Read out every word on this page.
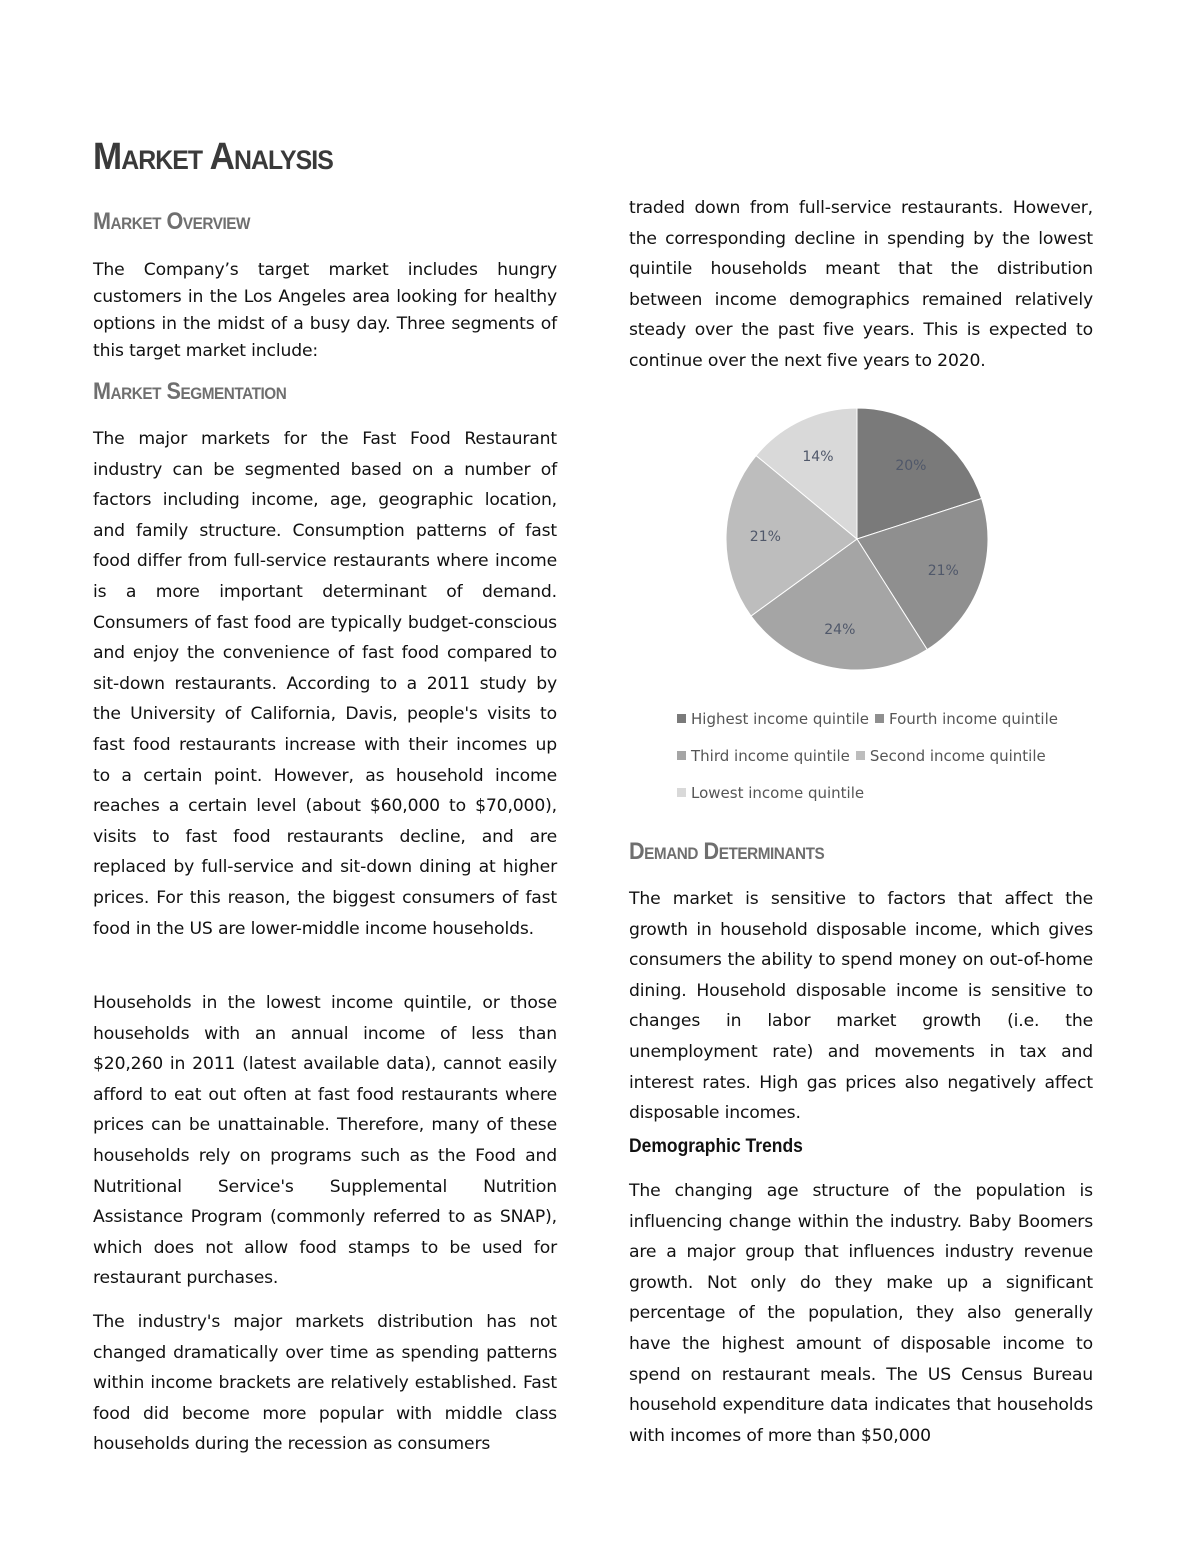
Market Analysis
Market Overview

The Company’s target market includes hungry customers in the Los Angeles area looking for healthy options in the midst of a busy day. Three segments of this target market include:

Market Segmentation

The major markets for the Fast Food Restaurant industry can be segmented based on a number of factors including income, age, geographic location, and family structure. Consumption patterns of fast food differ from full-service restaurants where income is a more important determinant of demand. Consumers of fast food are typically budget-conscious and enjoy the convenience of fast food compared to sit-down restaurants. According to a 2011 study by the University of California, Davis, people's visits to fast food restaurants increase with their incomes up to a certain point. However, as household income reaches a certain level (about $60,000 to $70,000), visits to fast food restaurants decline, and are replaced by full-service and sit-down dining at higher prices. For this reason, the biggest consumers of fast food in the US are lower-middle income households.

Households in the lowest income quintile, or those households with an annual income of less than $20,260 in 2011 (latest available data), cannot easily afford to eat out often at fast food restaurants where prices can be unattainable. Therefore, many of these households rely on programs such as the Food and Nutritional Service's Supplemental Nutrition Assistance Program (commonly referred to as SNAP), which does not allow food stamps to be used for restaurant purchases.

The industry's major markets distribution has not changed dramatically over time as spending patterns within income brackets are relatively established. Fast food did become more popular with middle class households during the recession as consumers

traded down from full-service restaurants. However, the corresponding decline in spending by the lowest quintile households meant that the distribution between income demographics remained relatively steady over the past five years. This is expected to continue over the next five years to 2020.

20%
21%
24%
21%
14%
Highest income quintile Fourth income quintile
Third income quintile Second income quintile
Lowest income quintile
Demand Determinants

The market is sensitive to factors that affect the growth in household disposable income, which gives consumers the ability to spend money on out-of-home dining. Household disposable income is sensitive to changes in labor market growth (i.e. the unemployment rate) and movements in tax and interest rates. High gas prices also negatively affect disposable incomes.

Demographic Trends

The changing age structure of the population is influencing change within the industry. Baby Boomers are a major group that influences industry revenue growth. Not only do they make up a significant percentage of the population, they also generally have the highest amount of disposable income to spend on restaurant meals. The US Census Bureau household expenditure data indicates that households with incomes of more than $50,000
